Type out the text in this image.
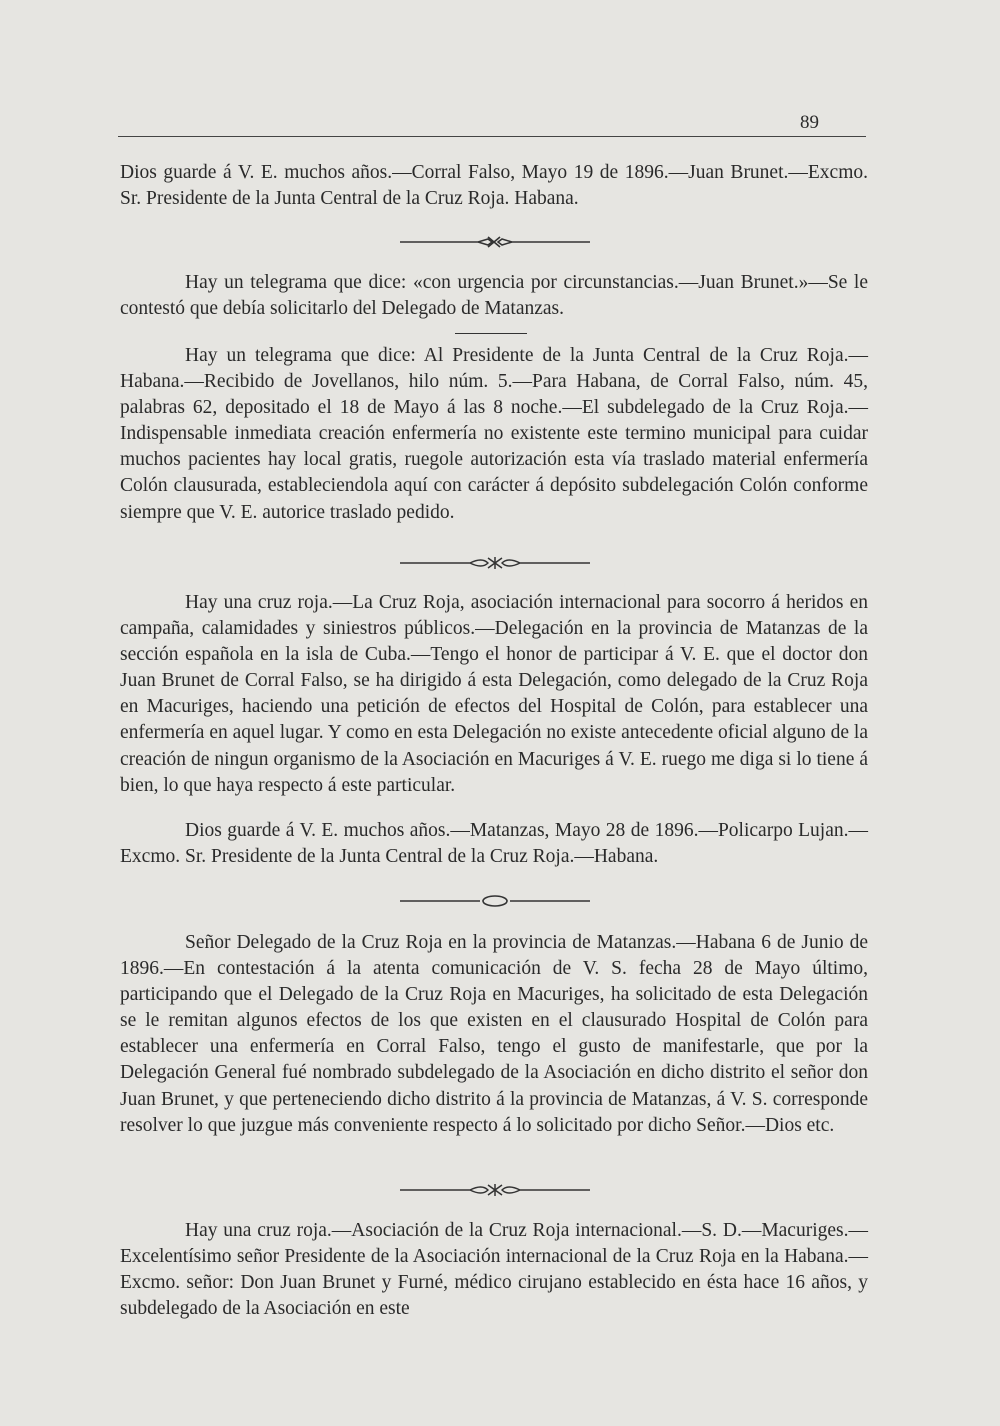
89

Dios guarde á V. E. muchos años.—Corral Falso, Mayo 19 de 1896.—Juan Brunet.—Excmo. Sr. Presidente de la Junta Central de la Cruz Roja. Habana.

Hay un telegrama que dice: «con urgencia por circunstancias.—Juan Brunet.»—Se le contestó que debía solicitarlo del Delegado de Matanzas.

Hay un telegrama que dice: Al Presidente de la Junta Central de la Cruz Roja.—Habana.—Recibido de Jovellanos, hilo núm. 5.—Para Habana, de Corral Falso, núm. 45, palabras 62, depositado el 18 de Mayo á las 8 noche.—El subdelegado de la Cruz Roja.—Indispensable inmediata creación enfermería no existente este termino municipal para cuidar muchos pacientes hay local gratis, ruegole autorización esta vía traslado material enfermería Colón clausurada, estableciendola aquí con carácter á depósito subdelegación Colón conforme siempre que V. E. autorice traslado pedido.

Hay una cruz roja.—La Cruz Roja, asociación internacional para socorro á heridos en campaña, calamidades y siniestros públicos.—Delegación en la provincia de Matanzas de la sección española en la isla de Cuba.—Tengo el honor de participar á V. E. que el doctor don Juan Brunet de Corral Falso, se ha dirigido á esta Delegación, como delegado de la Cruz Roja en Macuriges, haciendo una petición de efectos del Hospital de Colón, para establecer una enfermería en aquel lugar. Y como en esta Delegación no existe antecedente oficial alguno de la creación de ningun organismo de la Asociación en Macuriges á V. E. ruego me diga si lo tiene á bien, lo que haya respecto á este particular.

Dios guarde á V. E. muchos años.—Matanzas, Mayo 28 de 1896.—Policarpo Lujan.—Excmo. Sr. Presidente de la Junta Central de la Cruz Roja.—Habana.

Señor Delegado de la Cruz Roja en la provincia de Matanzas.—Habana 6 de Junio de 1896.—En contestación á la atenta comunicación de V. S. fecha 28 de Mayo último, participando que el Delegado de la Cruz Roja en Macuriges, ha solicitado de esta Delegación se le remitan algunos efectos de los que existen en el clausurado Hospital de Colón para establecer una enfermería en Corral Falso, tengo el gusto de manifestarle, que por la Delegación General fué nombrado subdelegado de la Asociación en dicho distrito el señor don Juan Brunet, y que perteneciendo dicho distrito á la provincia de Matanzas, á V. S. corresponde resolver lo que juzgue más conveniente respecto á lo solicitado por dicho Señor.—Dios etc.

Hay una cruz roja.—Asociación de la Cruz Roja internacional.—S. D.—Macuriges.—Excelentísimo señor Presidente de la Asociación internacional de la Cruz Roja en la Habana.—Excmo. señor: Don Juan Brunet y Furné, médico cirujano establecido en ésta hace 16 años, y subdelegado de la Asociación en este
